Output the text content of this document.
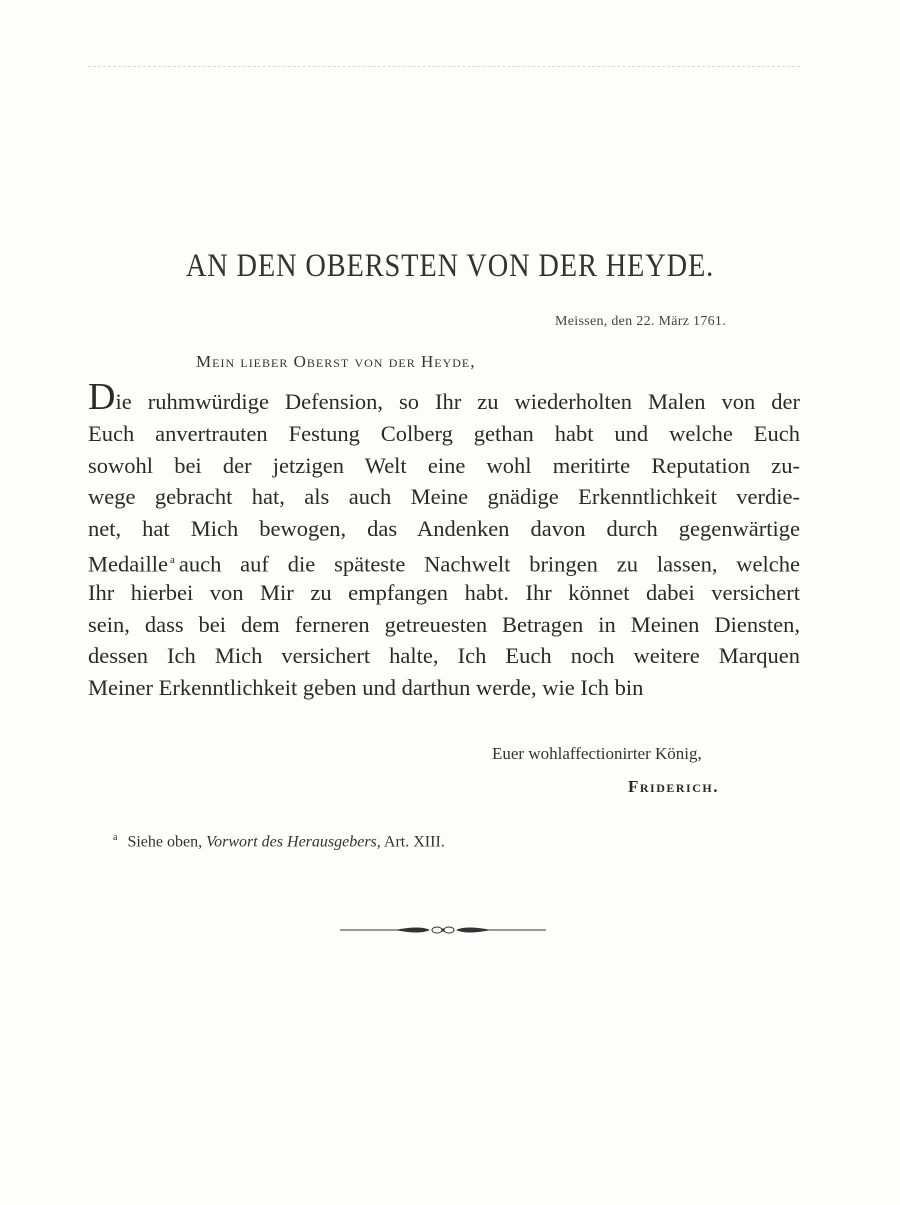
AN DEN OBERSTEN VON DER HEYDE.
Meissen, den 22. März 1761.
Mein lieber Oberst von der Heyde,
Die ruhmwürdige Defension, so Ihr zu wiederholten Malen von der
Euch anvertrauten Festung Colberg gethan habt und welche Euch
sowohl bei der jetzigen Welt eine wohl meritirte Reputation zu-
wege gebracht hat, als auch Meine gnädige Erkenntlichkeit verdie-
net, hat Mich bewogen, das Andenken davon durch gegenwärtige
Medaille $^a$ auch auf die späteste Nachwelt bringen zu lassen, welche
Ihr hierbei von Mir zu empfangen habt. Ihr könnet dabei versichert
sein, dass bei dem ferneren getreuesten Betragen in Meinen Diensten,
dessen Ich Mich versichert halte, Ich Euch noch weitere Marquen
Meiner Erkenntlichkeit geben und darthun werde, wie Ich bin
Euer wohlaffectionirter König,
Friderich.
$^a$ Siehe oben, Vorwort des Herausgebers, Art. XIII.
